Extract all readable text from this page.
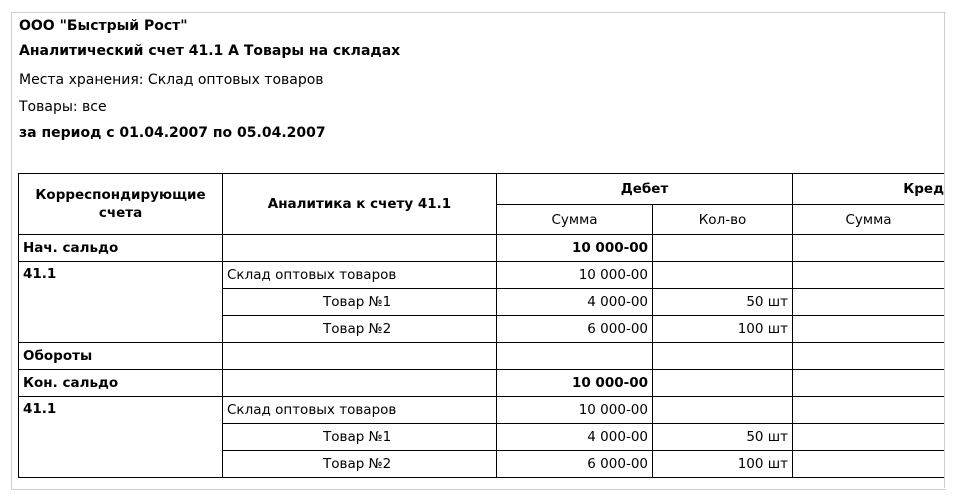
ООО "Быстрый Рост"
Аналитический счет 41.1 А Товары на складах
Места хранения: Склад оптовых товаров
Товары: все
за период с 01.04.2007 по 05.04.2007
Корреспондирующие счета	Аналитика к счету 41.1	Дебет		Кред
		Сумма	Кол-во	Сумма
Нач. сальдо		10 000-00		
41.1	Склад оптовых товаров	10 000-00		
	Товар №1	4 000-00	50 шт	
	Товар №2	6 000-00	100 шт	
Обороты				
Кон. сальдо		10 000-00		
41.1	Склад оптовых товаров	10 000-00		
	Товар №1	4 000-00	50 шт	
	Товар №2	6 000-00	100 шт	
